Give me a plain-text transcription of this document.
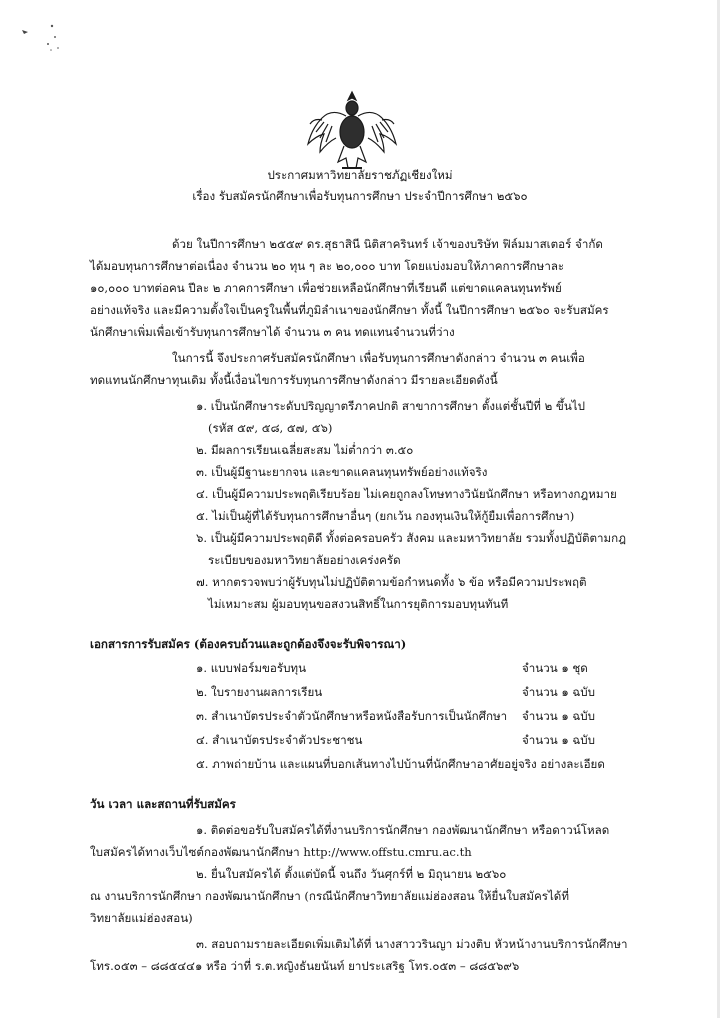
ประกาศมหาวิทยาลัยราชภัฏเชียงใหม่
เรื่อง รับสมัครนักศึกษาเพื่อรับทุนการศึกษา ประจำปีการศึกษา ๒๕๖๐
ด้วย ในปีการศึกษา ๒๕๕๙ ดร.สุธาสินี นิติสาครินทร์ เจ้าของบริษัท ฟิล์มมาสเตอร์ จำกัด
ได้มอบทุนการศึกษาต่อเนื่อง จำนวน ๒๐ ทุน ๆ ละ ๒๐,๐๐๐ บาท โดยแบ่งมอบให้ภาคการศึกษาละ
๑๐,๐๐๐ บาทต่อคน ปีละ ๒ ภาคการศึกษา เพื่อช่วยเหลือนักศึกษาที่เรียนดี แต่ขาดแคลนทุนทรัพย์
อย่างแท้จริง และมีความตั้งใจเป็นครูในพื้นที่ภูมิลำเนาของนักศึกษา ทั้งนี้ ในปีการศึกษา ๒๕๖๐ จะรับสมัคร
นักศึกษาเพิ่มเพื่อเข้ารับทุนการศึกษาได้ จำนวน ๓ คน ทดแทนจำนวนที่ว่าง
ในการนี้ จึงประกาศรับสมัครนักศึกษา เพื่อรับทุนการศึกษาดังกล่าว จำนวน ๓ คนเพื่อ
ทดแทนนักศึกษาทุนเดิม ทั้งนี้เงื่อนไขการรับทุนการศึกษาดังกล่าว มีรายละเอียดดังนี้
๑. เป็นนักศึกษาระดับปริญญาตรีภาคปกติ สาขาการศึกษา ตั้งแต่ชั้นปีที่ ๒ ขึ้นไป
(รหัส ๕๙, ๕๘, ๕๗, ๕๖)
๒. มีผลการเรียนเฉลี่ยสะสม ไม่ต่ำกว่า ๓.๕๐
๓. เป็นผู้มีฐานะยากจน และขาดแคลนทุนทรัพย์อย่างแท้จริง
๔. เป็นผู้มีความประพฤติเรียบร้อย ไม่เคยถูกลงโทษทางวินัยนักศึกษา หรือทางกฎหมาย
๕. ไม่เป็นผู้ที่ได้รับทุนการศึกษาอื่นๆ (ยกเว้น กองทุนเงินให้กู้ยืมเพื่อการศึกษา)
๖. เป็นผู้มีความประพฤติดี ทั้งต่อครอบครัว สังคม และมหาวิทยาลัย รวมทั้งปฏิบัติตามกฎ
ระเบียบของมหาวิทยาลัยอย่างเคร่งครัด
๗. หากตรวจพบว่าผู้รับทุนไม่ปฏิบัติตามข้อกำหนดทั้ง ๖ ข้อ หรือมีความประพฤติ
ไม่เหมาะสม ผู้มอบทุนขอสงวนสิทธิ์ในการยุติการมอบทุนทันที
เอกสารการรับสมัคร (ต้องครบถ้วนและถูกต้องจึงจะรับพิจารณา)
๑. แบบฟอร์มขอรับทุน	จำนวน ๑ ชุด
๒. ใบรายงานผลการเรียน	จำนวน ๑ ฉบับ
๓. สำเนาบัตรประจำตัวนักศึกษาหรือหนังสือรับการเป็นนักศึกษา จำนวน ๑ ฉบับ
๔. สำเนาบัตรประจำตัวประชาชน	จำนวน ๑ ฉบับ
๕. ภาพถ่ายบ้าน และแผนที่บอกเส้นทางไปบ้านที่นักศึกษาอาศัยอยู่จริง อย่างละเอียด
วัน เวลา และสถานที่รับสมัคร
๑. ติดต่อขอรับใบสมัครได้ที่งานบริการนักศึกษา กองพัฒนานักศึกษา หรือดาวน์โหลด
ใบสมัครได้ทางเว็บไซต์กองพัฒนานักศึกษา http://www.offstu.cmru.ac.th
๒. ยื่นใบสมัครได้ ตั้งแต่บัดนี้ จนถึง วันศุกร์ที่ ๒ มิถุนายน ๒๕๖๐
ณ งานบริการนักศึกษา กองพัฒนานักศึกษา (กรณีนักศึกษาวิทยาลัยแม่ฮ่องสอน ให้ยื่นใบสมัครได้ที่
วิทยาลัยแม่ฮ่องสอน)
๓. สอบถามรายละเอียดเพิ่มเติมได้ที่ นางสาววรินญา ม่วงติบ หัวหน้างานบริการนักศึกษา
โทร.๐๕๓ – ๘๘๕๔๔๑ หรือ ว่าที่ ร.ต.หญิงธันยนันท์ ยาประเสริฐ โทร.๐๕๓ – ๘๘๕๖๙๖
